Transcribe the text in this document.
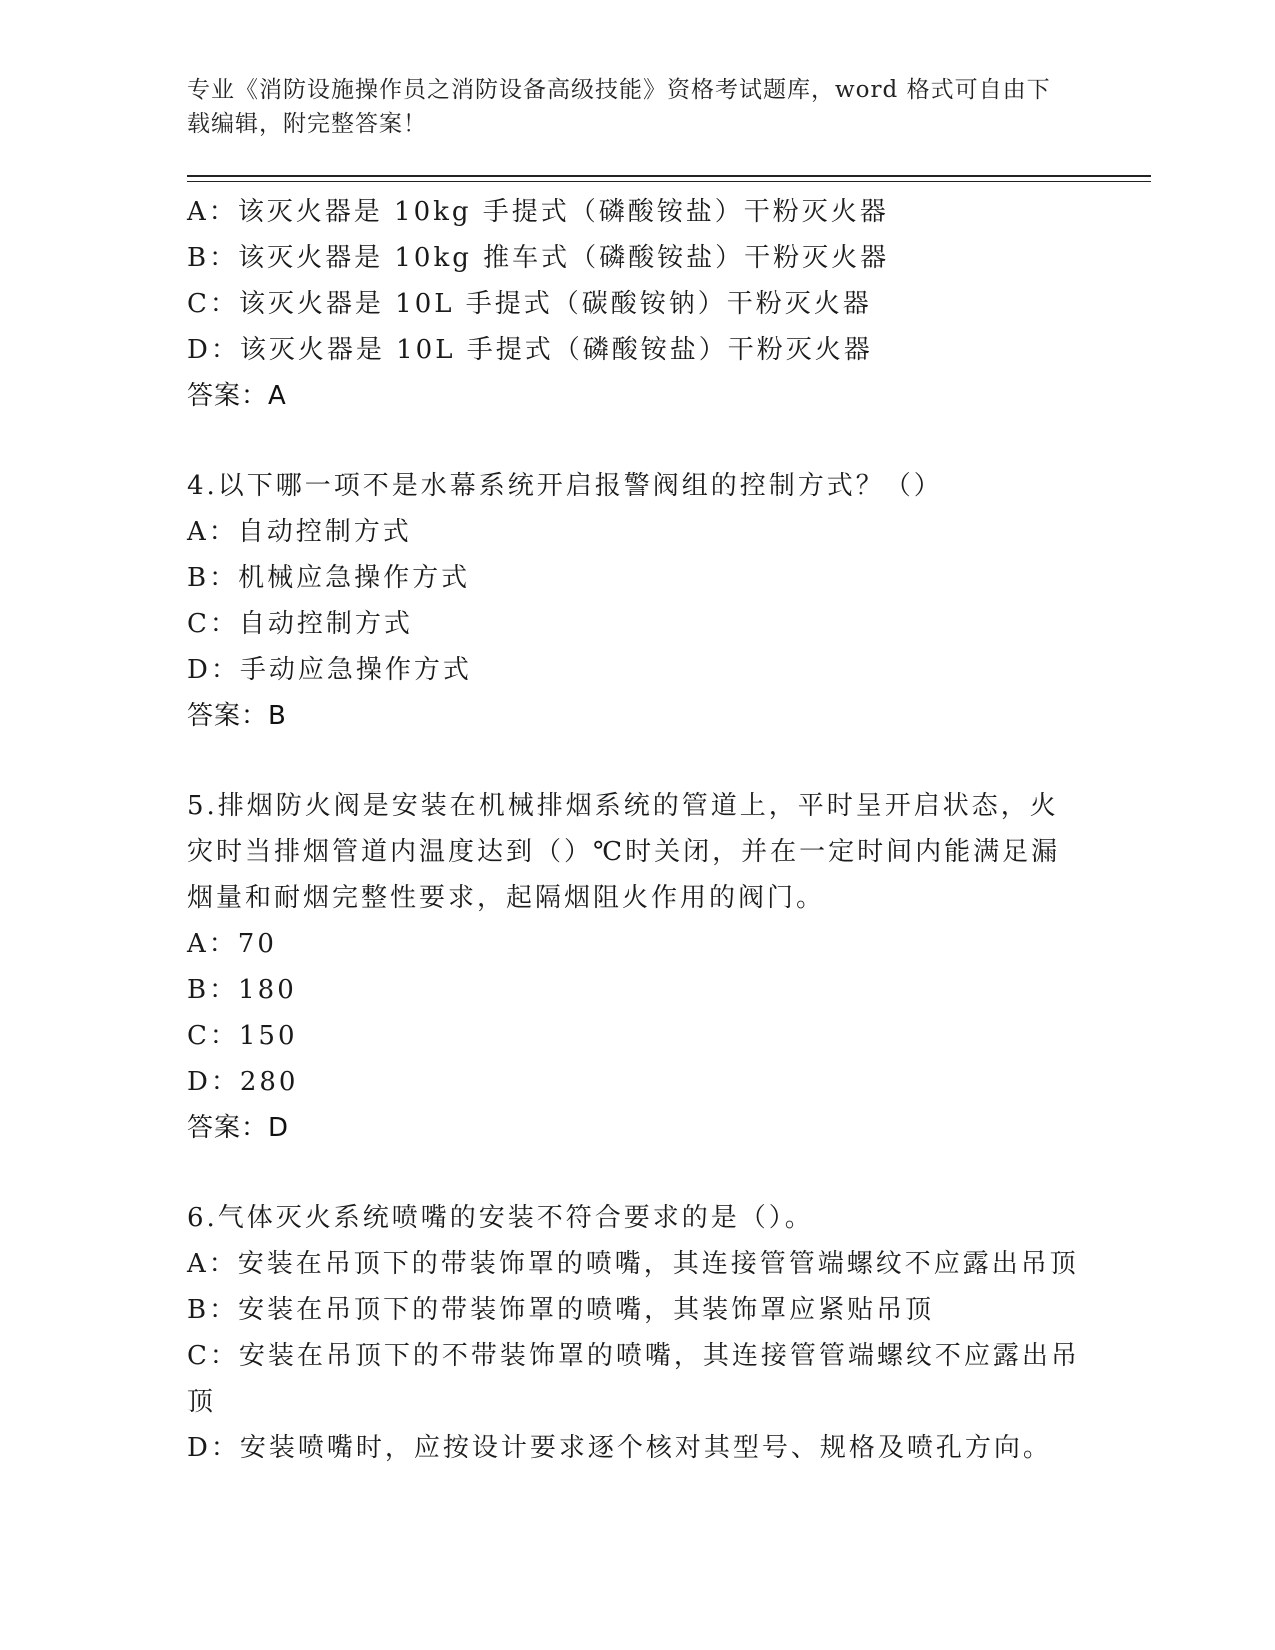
专业《消防设施操作员之消防设备高级技能》资格考试题库，word 格式可自由下
载编辑，附完整答案！
A：该灭火器是 10kg 手提式（磷酸铵盐）干粉灭火器
B：该灭火器是 10kg 推车式（磷酸铵盐）干粉灭火器
C：该灭火器是 10L 手提式（碳酸铵钠）干粉灭火器
D：该灭火器是 10L 手提式（磷酸铵盐）干粉灭火器
答案：A
4.以下哪一项不是水幕系统开启报警阀组的控制方式？（）
A：自动控制方式
B：机械应急操作方式
C：自动控制方式
D：手动应急操作方式
答案：B
5.排烟防火阀是安装在机械排烟系统的管道上，平时呈开启状态，火
灾时当排烟管道内温度达到（）℃时关闭，并在一定时间内能满足漏
烟量和耐烟完整性要求，起隔烟阻火作用的阀门。
A：70
B：180
C：150
D：280
答案：D
6.气体灭火系统喷嘴的安装不符合要求的是（）。
A：安装在吊顶下的带装饰罩的喷嘴，其连接管管端螺纹不应露出吊顶
B：安装在吊顶下的带装饰罩的喷嘴，其装饰罩应紧贴吊顶
C：安装在吊顶下的不带装饰罩的喷嘴，其连接管管端螺纹不应露出吊
顶
D：安装喷嘴时，应按设计要求逐个核对其型号、规格及喷孔方向。
